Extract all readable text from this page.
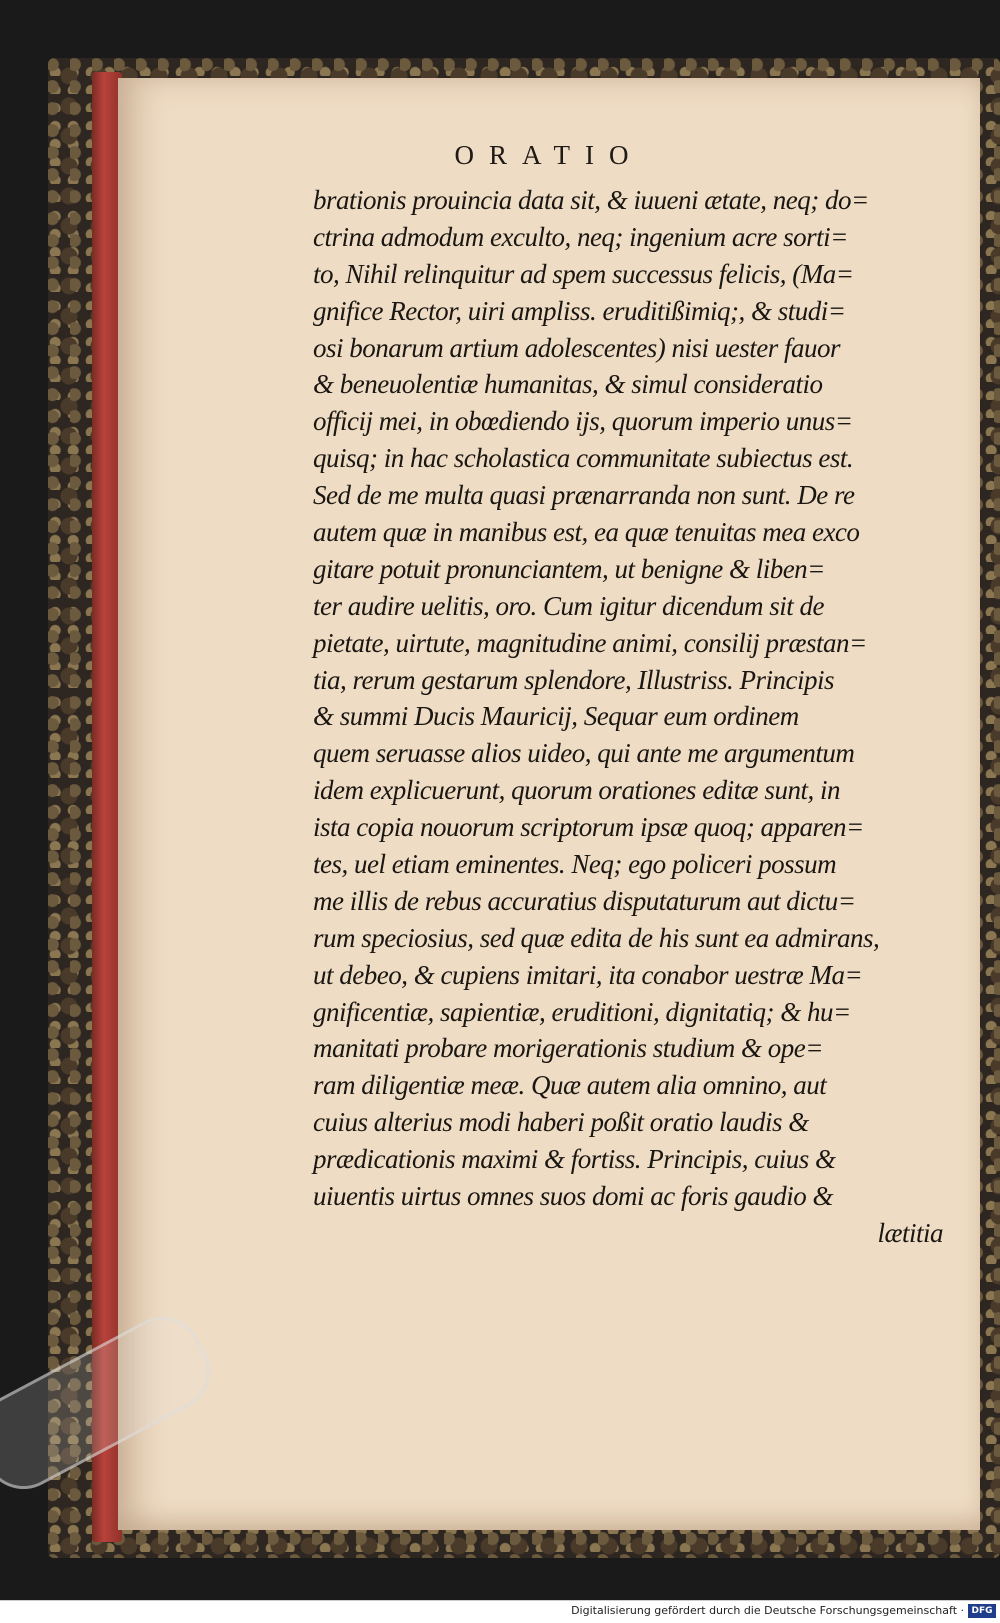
ORATIO
brationis prouincia data sit, & iuueni ætate, neq; do=
ctrina admodum exculto, neq; ingenium acre sorti=
to, Nihil relinquitur ad spem successus felicis, (Ma=
gnifice Rector, uiri ampliss. eruditißimiq;, & studi=
osi bonarum artium adolescentes) nisi uester fauor
& beneuolentiæ humanitas, & simul consideratio
officij mei, in obœdiendo ijs, quorum imperio unus=
quisq; in hac scholastica communitate subiectus est.
Sed de me multa quasi prænarranda non sunt. De re
autem quæ in manibus est, ea quæ tenuitas mea exco
gitare potuit pronunciantem, ut benigne & liben=
ter audire uelitis, oro. Cum igitur dicendum sit de
pietate, uirtute, magnitudine animi, consilij præstan=
tia, rerum gestarum splendore, Illustriss. Principis
& summi Ducis Mauricij, Sequar eum ordinem
quem seruasse alios uideo, qui ante me argumentum
idem explicuerunt, quorum orationes editæ sunt, in
ista copia nouorum scriptorum ipsæ quoq; apparen=
tes, uel etiam eminentes. Neq; ego policeri possum
me illis de rebus accuratius disputaturum aut dictu=
rum speciosius, sed quæ edita de his sunt ea admirans,
ut debeo, & cupiens imitari, ita conabor uestræ Ma=
gnificentiæ, sapientiæ, eruditioni, dignitatiq; & hu=
manitati probare morigerationis studium & ope=
ram diligentiæ meæ. Quæ autem alia omnino, aut
cuius alterius modi haberi poßit oratio laudis &
prædicationis maximi & fortiss. Principis, cuius &
uiuentis uirtus omnes suos domi ac foris gaudio &
lætitia
Digitalisierung gefördert durch die Deutsche Forschungsgemeinschaft · DFG
